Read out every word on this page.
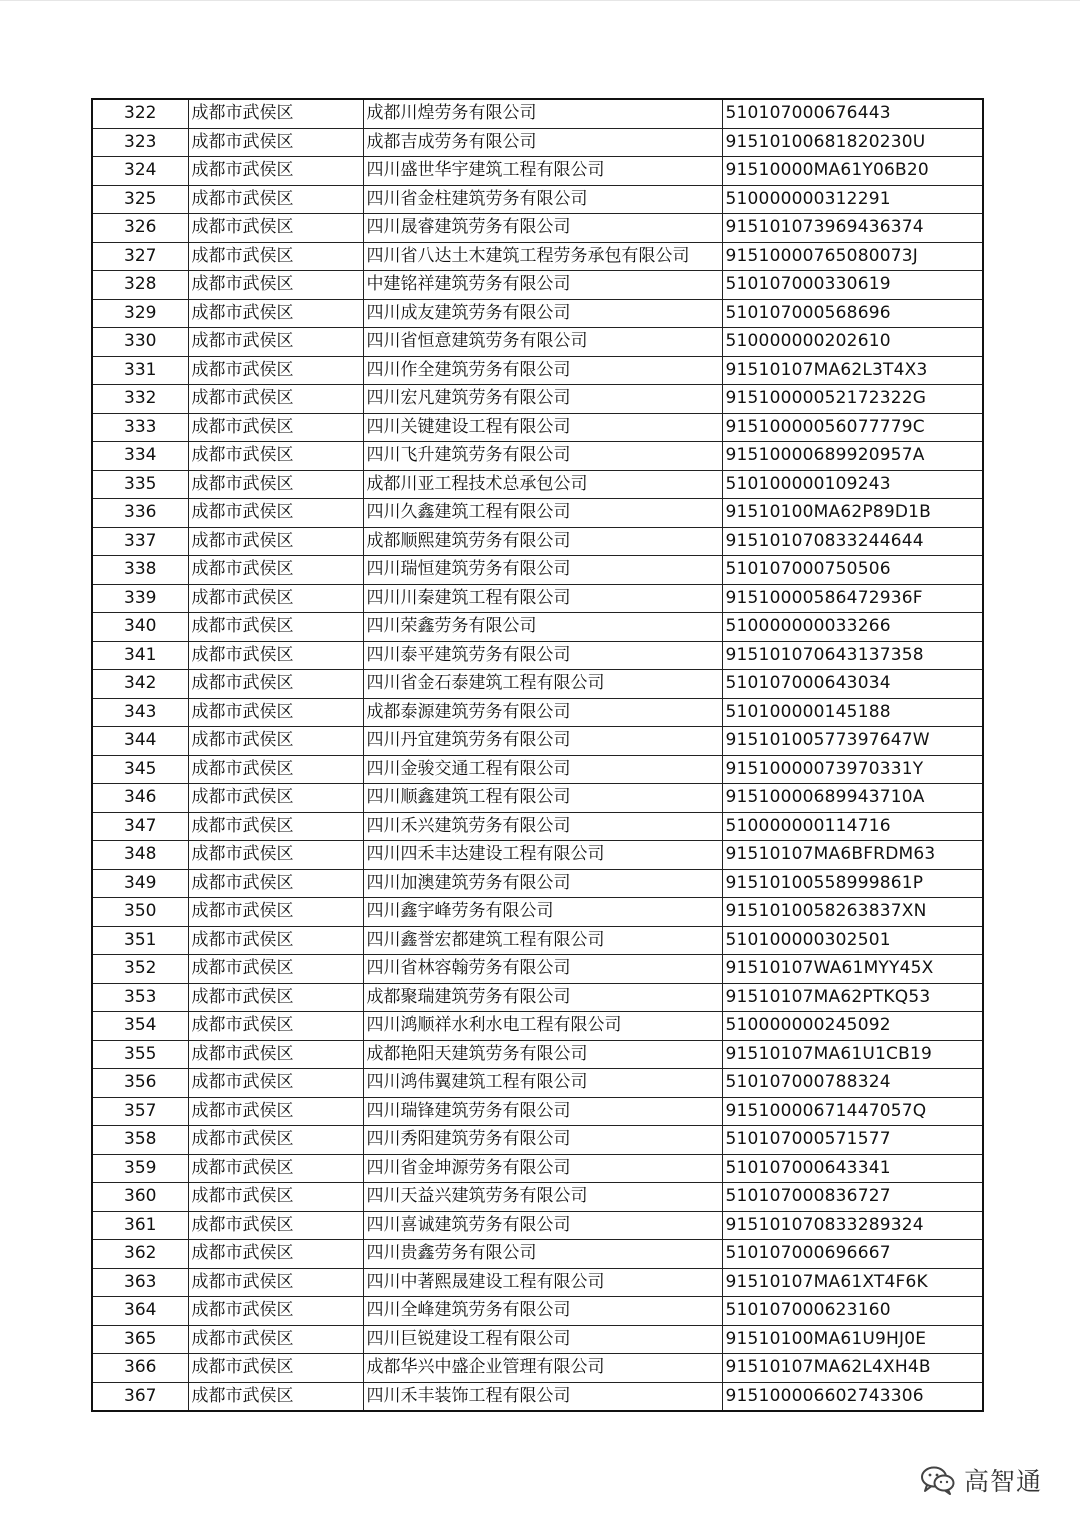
322	成都市武侯区	成都川煌劳务有限公司	510107000676443
323	成都市武侯区	成都吉成劳务有限公司	91510100681820230U
324	成都市武侯区	四川盛世华宇建筑工程有限公司	91510000MA61Y06B20
325	成都市武侯区	四川省金柱建筑劳务有限公司	510000000312291
326	成都市武侯区	四川晟睿建筑劳务有限公司	915101073969436374
327	成都市武侯区	四川省八达土木建筑工程劳务承包有限公司	91510000765080073J
328	成都市武侯区	中建铭祥建筑劳务有限公司	510107000330619
329	成都市武侯区	四川成友建筑劳务有限公司	510107000568696
330	成都市武侯区	四川省恒意建筑劳务有限公司	510000000202610
331	成都市武侯区	四川作全建筑劳务有限公司	91510107MA62L3T4X3
332	成都市武侯区	四川宏凡建筑劳务有限公司	91510000052172322G
333	成都市武侯区	四川关键建设工程有限公司	91510000056077779C
334	成都市武侯区	四川飞升建筑劳务有限公司	91510000689920957A
335	成都市武侯区	成都川亚工程技术总承包公司	510100000109243
336	成都市武侯区	四川久鑫建筑工程有限公司	91510100MA62P89D1B
337	成都市武侯区	成都顺熙建筑劳务有限公司	915101070833244644
338	成都市武侯区	四川瑞恒建筑劳务有限公司	510107000750506
339	成都市武侯区	四川川秦建筑工程有限公司	91510000586472936F
340	成都市武侯区	四川荣鑫劳务有限公司	510000000033266
341	成都市武侯区	四川泰平建筑劳务有限公司	915101070643137358
342	成都市武侯区	四川省金石泰建筑工程有限公司	510107000643034
343	成都市武侯区	成都泰源建筑劳务有限公司	510100000145188
344	成都市武侯区	四川丹宜建筑劳务有限公司	91510100577397647W
345	成都市武侯区	四川金骏交通工程有限公司	91510000073970331Y
346	成都市武侯区	四川顺鑫建筑工程有限公司	91510000689943710A
347	成都市武侯区	四川禾兴建筑劳务有限公司	510000000114716
348	成都市武侯区	四川四禾丰达建设工程有限公司	91510107MA6BFRDM63
349	成都市武侯区	四川加澳建筑劳务有限公司	91510100558999861P
350	成都市武侯区	四川鑫宇峰劳务有限公司	9151010058263837XN
351	成都市武侯区	四川鑫誉宏都建筑工程有限公司	510100000302501
352	成都市武侯区	四川省林容翰劳务有限公司	91510107WA61MYY45X
353	成都市武侯区	成都聚瑞建筑劳务有限公司	91510107MA62PTKQ53
354	成都市武侯区	四川鸿顺祥水利水电工程有限公司	510000000245092
355	成都市武侯区	成都艳阳天建筑劳务有限公司	91510107MA61U1CB19
356	成都市武侯区	四川鸿伟翼建筑工程有限公司	510107000788324
357	成都市武侯区	四川瑞锋建筑劳务有限公司	91510000671447057Q
358	成都市武侯区	四川秀阳建筑劳务有限公司	510107000571577
359	成都市武侯区	四川省金坤源劳务有限公司	510107000643341
360	成都市武侯区	四川天益兴建筑劳务有限公司	510107000836727
361	成都市武侯区	四川喜诚建筑劳务有限公司	915101070833289324
362	成都市武侯区	四川贵鑫劳务有限公司	510107000696667
363	成都市武侯区	四川中著熙晟建设工程有限公司	91510107MA61XT4F6K
364	成都市武侯区	四川全峰建筑劳务有限公司	510107000623160
365	成都市武侯区	四川巨锐建设工程有限公司	91510100MA61U9HJ0E
366	成都市武侯区	成都华兴中盛企业管理有限公司	91510107MA62L4XH4B
367	成都市武侯区	四川禾丰装饰工程有限公司	915100006602743306
高智通
